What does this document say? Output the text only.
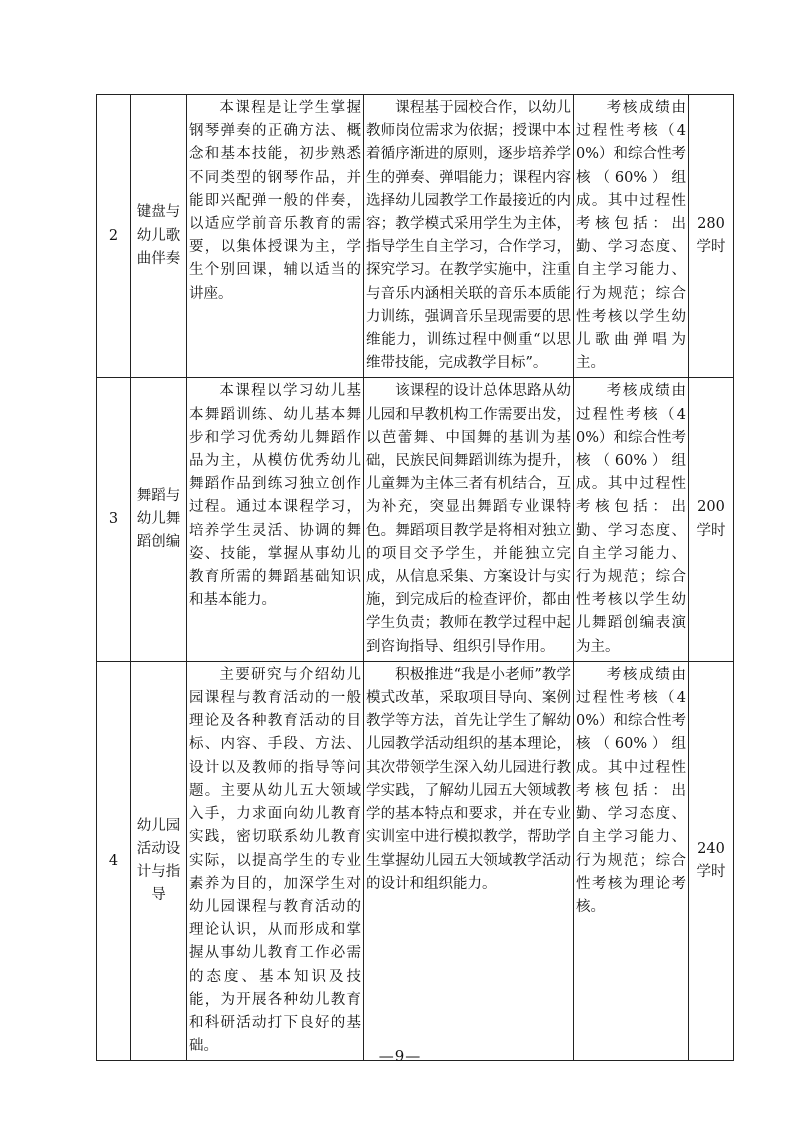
2	键盘与幼儿歌曲伴奏	本课程是让学生掌握钢琴弹奏的正确方法、概念和基本技能，初步熟悉不同类型的钢琴作品，并能即兴配弹一般的伴奏，以适应学前音乐教育的需要，以集体授课为主，学生个别回课，辅以适当的讲座。	课程基于园校合作，以幼儿教师岗位需求为依据；授课中本着循序渐进的原则，逐步培养学生的弹奏、弹唱能力；课程内容选择幼儿园教学工作最接近的内容；教学模式采用学生为主体，指导学生自主学习，合作学习，探究学习。在教学实施中，注重与音乐内涵相关联的音乐本质能力训练，强调音乐呈现需要的思维能力，训练过程中侧重“以思维带技能，完成教学目标”。	考核成绩由过程性考核（40%）和综合性考核（60%）组成。其中过程性考核包括：出勤、学习态度、自主学习能力、行为规范；综合性考核以学生幼儿歌曲弹唱为主。	280
学时
3	舞蹈与幼儿舞蹈创编	本课程以学习幼儿基本舞蹈训练、幼儿基本舞步和学习优秀幼儿舞蹈作品为主，从模仿优秀幼儿舞蹈作品到练习独立创作过程。通过本课程学习，培养学生灵活、协调的舞姿、技能，掌握从事幼儿教育所需的舞蹈基础知识和基本能力。	该课程的设计总体思路从幼儿园和早教机构工作需要出发，以芭蕾舞、中国舞的基训为基础，民族民间舞蹈训练为提升，儿童舞为主体三者有机结合，互为补充，突显出舞蹈专业课特色。舞蹈项目教学是将相对独立的项目交予学生，并能独立完成，从信息采集、方案设计与实施，到完成后的检查评价，都由学生负责；教师在教学过程中起到咨询指导、组织引导作用。	考核成绩由过程性考核（40%）和综合性考核（60%）组成。其中过程性考核包括：出勤、学习态度、自主学习能力、行为规范；综合性考核以学生幼儿舞蹈创编表演为主。	200
学时
4	幼儿园活动设计与指导	主要研究与介绍幼儿园课程与教育活动的一般理论及各种教育活动的目标、内容、手段、方法、设计以及教师的指导等问题。主要从幼儿五大领域入手，力求面向幼儿教育实践，密切联系幼儿教育实际，以提高学生的专业素养为目的，加深学生对幼儿园课程与教育活动的理论认识，从而形成和掌握从事幼儿教育工作必需的态度、基本知识及技能，为开展各种幼儿教育和科研活动打下良好的基础。	积极推进“我是小老师”教学模式改革，采取项目导向、案例教学等方法，首先让学生了解幼儿园教学活动组织的基本理论，其次带领学生深入幼儿园进行教学实践，了解幼儿园五大领域教学的基本特点和要求，并在专业实训室中进行模拟教学，帮助学生掌握幼儿园五大领域教学活动的设计和组织能力。	考核成绩由过程性考核（40%）和综合性考核（60%）组成。其中过程性考核包括：出勤、学习态度、自主学习能力、行为规范；综合性考核为理论考核。	240
学时
—9—
